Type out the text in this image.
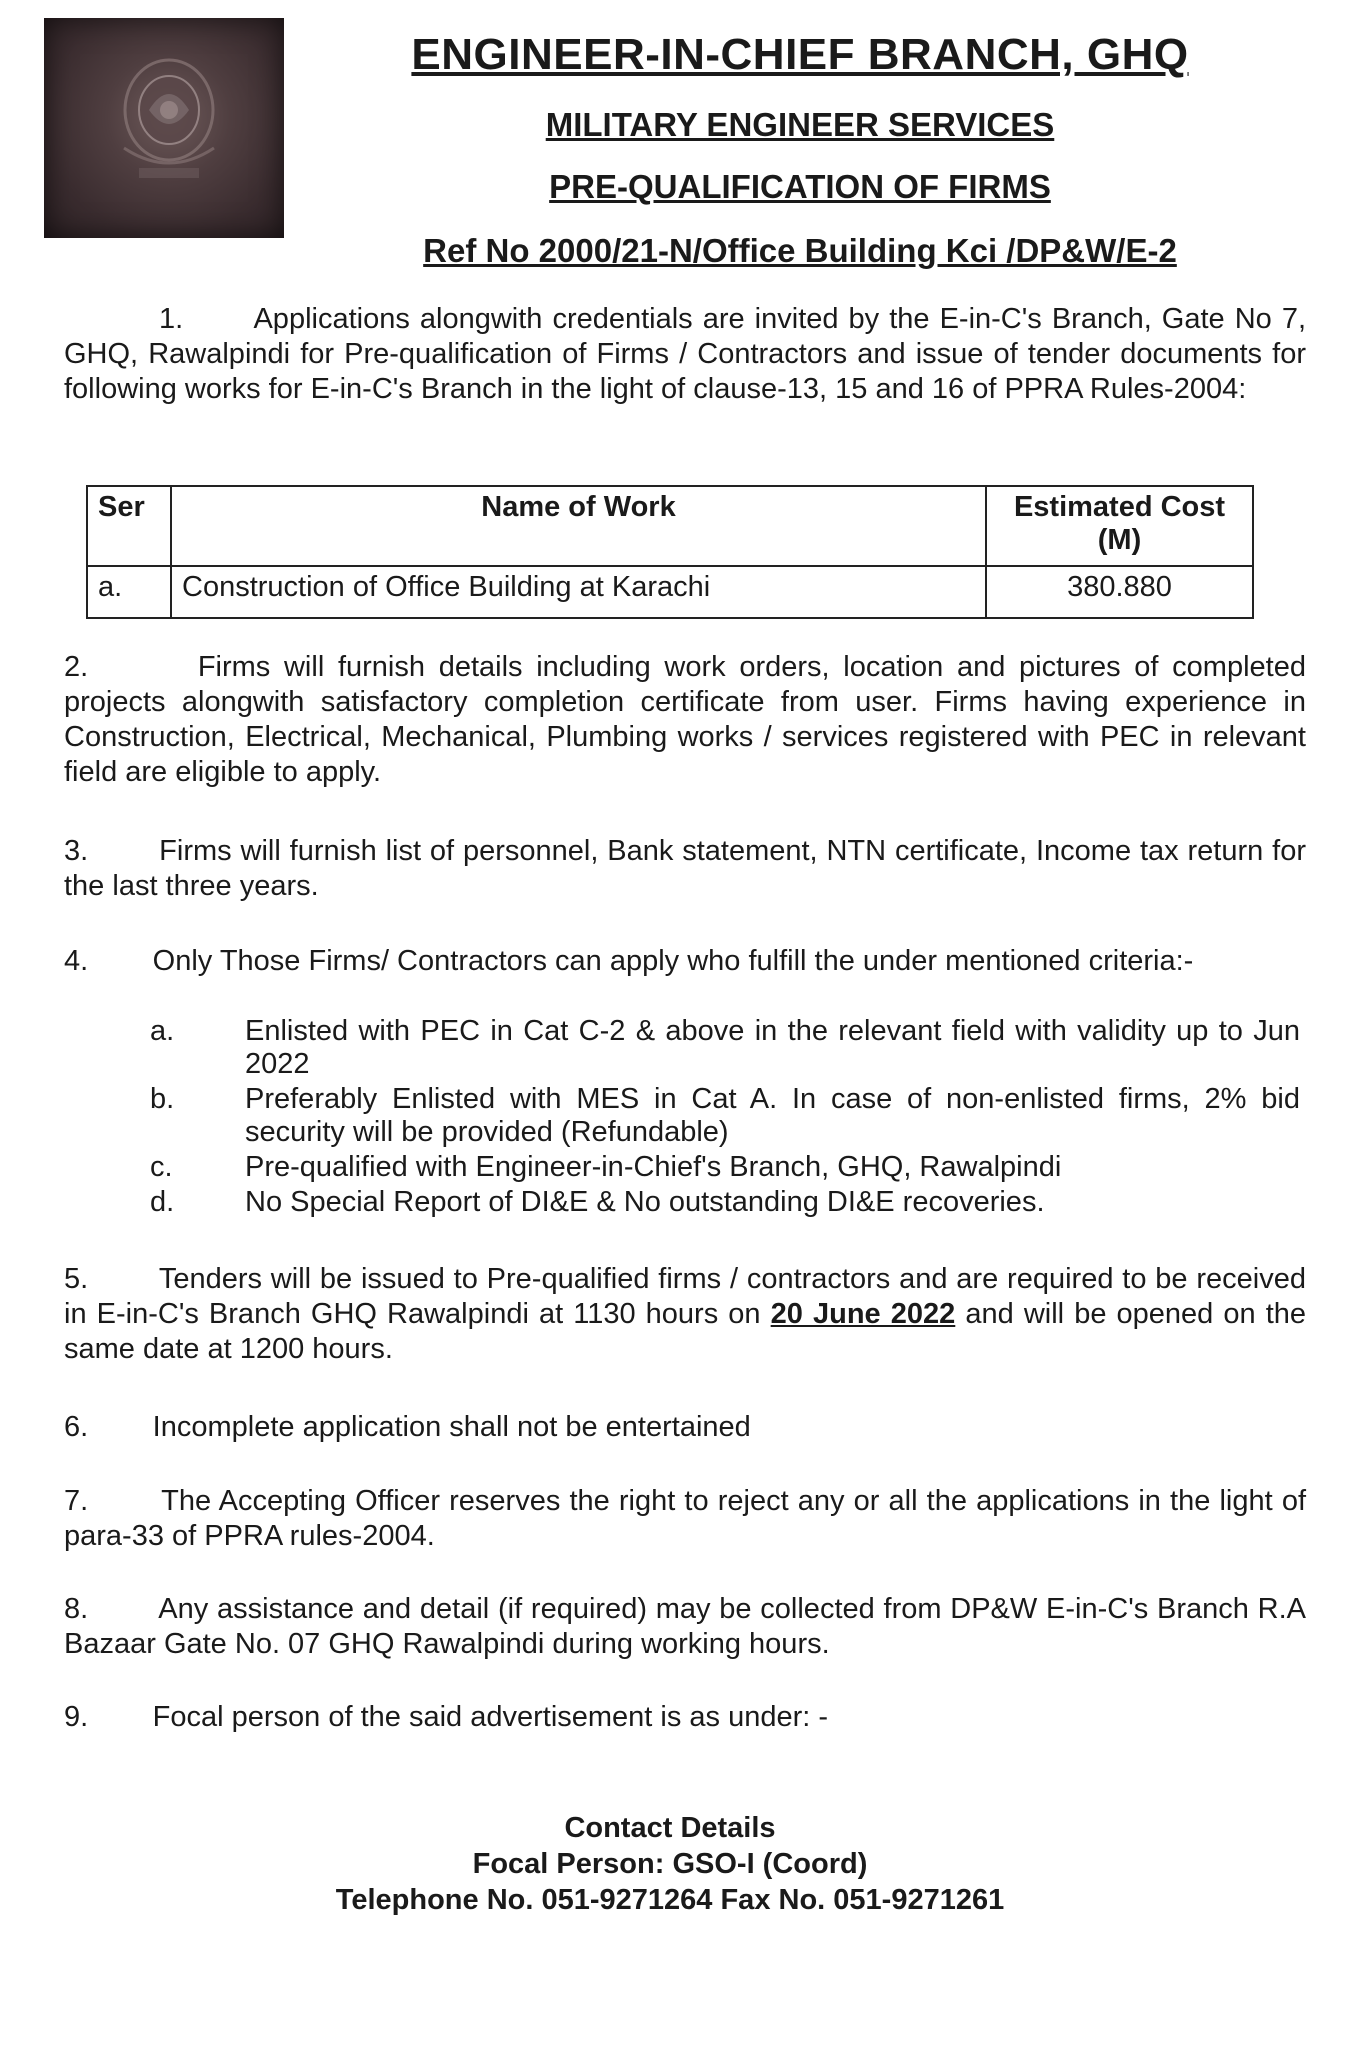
ENGINEER-IN-CHIEF BRANCH, GHQ
MILITARY ENGINEER SERVICES
PRE-QUALIFICATION OF FIRMS
Ref No 2000/21-N/Office Building Kci /DP&W/E-2
1. Applications alongwith credentials are invited by the E-in-C's Branch, Gate No 7, GHQ, Rawalpindi for Pre-qualification of Firms / Contractors and issue of tender documents for following works for E-in-C's Branch in the light of clause-13, 15 and 16 of PPRA Rules-2004:
Ser	Name of Work	Estimated Cost (M)
a.	Construction of Office Building at Karachi	380.880
2.	Firms will furnish details including work orders, location and pictures of completed projects alongwith satisfactory completion certificate from user. Firms having experience in Construction, Electrical, Mechanical, Plumbing works / services registered with PEC in relevant field are eligible to apply.
3. Firms will furnish list of personnel, Bank statement, NTN certificate, Income tax return for the last three years.
4. Only Those Firms/ Contractors can apply who fulfill the under mentioned criteria:-
a.	Enlisted with PEC in Cat C-2 & above in the relevant field with validity up to Jun 2022
b.	Preferably Enlisted with MES in Cat A. In case of non-enlisted firms, 2% bid security will be provided (Refundable)
c.	Pre-qualified with Engineer-in-Chief's Branch, GHQ, Rawalpindi
d.	No Special Report of DI&E & No outstanding DI&E recoveries.
5. Tenders will be issued to Pre-qualified firms / contractors and are required to be received in E-in-C's Branch GHQ Rawalpindi at 1130 hours on 20 June 2022 and will be opened on the same date at 1200 hours.
6. Incomplete application shall not be entertained
7.	The Accepting Officer reserves the right to reject any or all the applications in the light of para-33 of PPRA rules-2004.
8. Any assistance and detail (if required) may be collected from DP&W E-in-C's Branch R.A Bazaar Gate No. 07 GHQ Rawalpindi during working hours.
9. Focal person of the said advertisement is as under: -
Contact Details
Focal Person: GSO-I (Coord)
Telephone No. 051-9271264 Fax No. 051-9271261
